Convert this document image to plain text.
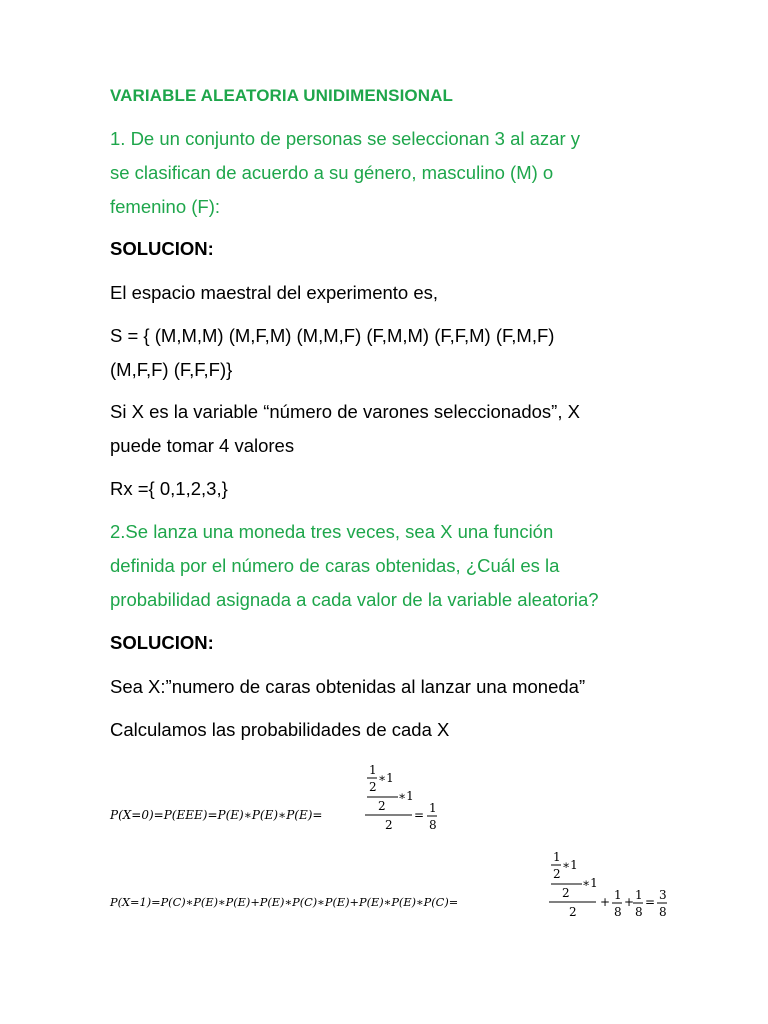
VARIABLE ALEATORIA UNIDIMENSIONAL
1. De un conjunto de personas se seleccionan 3 al azar y
se clasifican de acuerdo a su género, masculino (M) o
femenino (F):
SOLUCION:
El espacio maestral del experimento es,
S = { (M,M,M) (M,F,M) (M,M,F) (F,M,M) (F,F,M) (F,M,F)
(M,F,F) (F,F,F)}
Si X es la variable “número de varones seleccionados”, X
puede tomar 4 valores
Rx ={ 0,1,2,3,}
2.Se lanza una moneda tres veces, sea X una función
definida por el número de caras obtenidas, ¿Cuál es la
probabilidad asignada a cada valor de la variable aleatoria?
SOLUCION:
Sea X:”numero de caras obtenidas al lanzar una moneda”
Calculamos las probabilidades de cada X
P(X=0)=P(EEE)=P(E)∗P(E)∗P(E)=
1
2
∗1
2
∗1
2
= 1
8
P(X=1)=P(C)∗P(E)∗P(E)+P(E)∗P(C)∗P(E)+P(E)∗P(E)∗P(C)=
1
2
∗1
2
∗1
2
+ 1
8
+ 1
8
= 3
8
